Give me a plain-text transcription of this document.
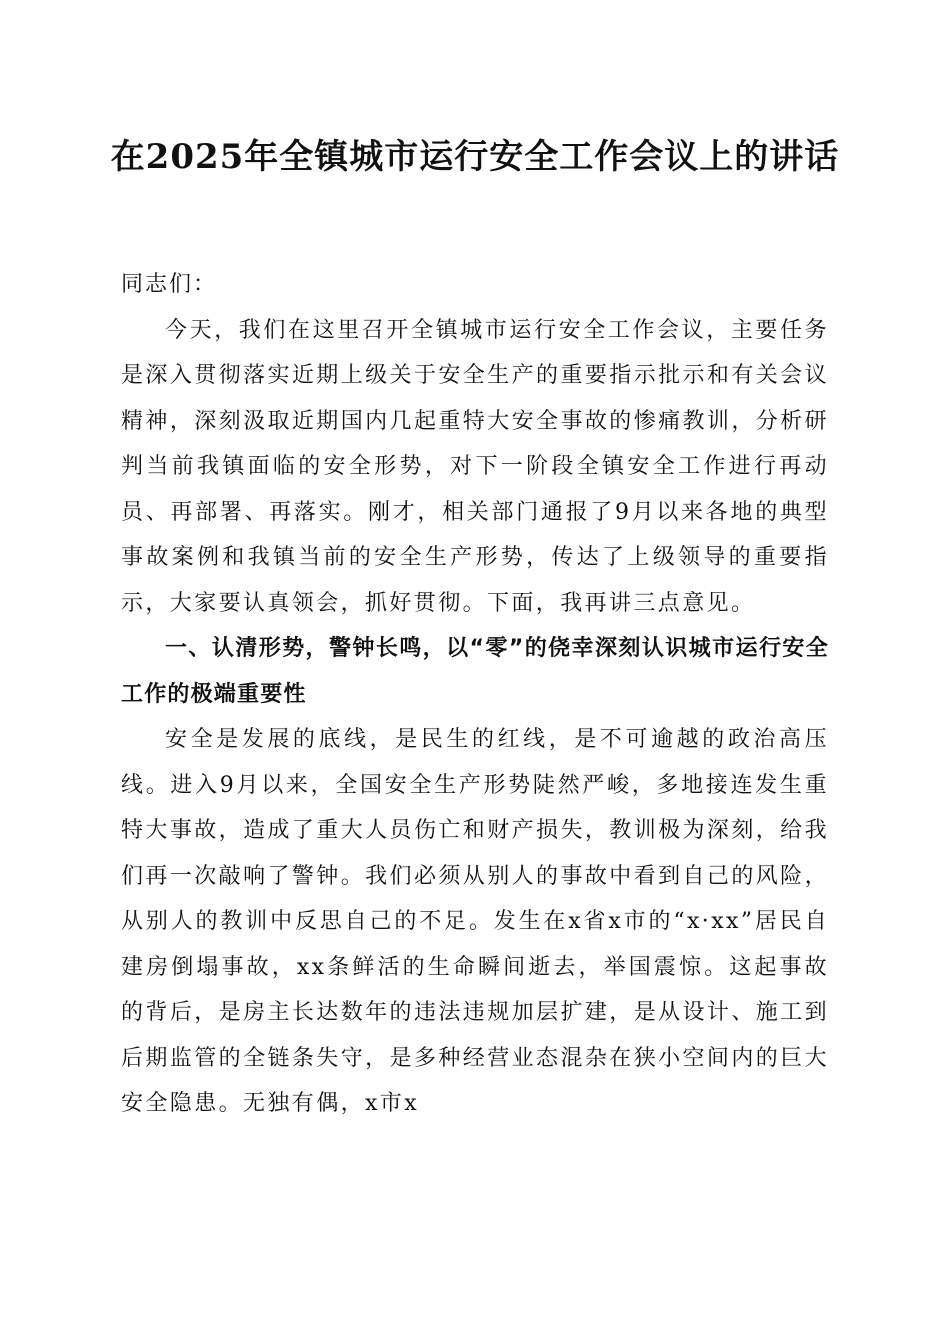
在2025年全镇城市运行安全工作会议上的讲话

同志们：

今天，我们在这里召开全镇城市运行安全工作会议，主要任务是深入贯彻落实近期上级关于安全生产的重要指示批示和有关会议精神，深刻汲取近期国内几起重特大安全事故的惨痛教训，分析研判当前我镇面临的安全形势，对下一阶段全镇安全工作进行再动员、再部署、再落实。刚才，相关部门通报了9月以来各地的典型事故案例和我镇当前的安全生产形势，传达了上级领导的重要指示，大家要认真领会，抓好贯彻。下面，我再讲三点意见。

一、认清形势，警钟长鸣，以“零”的侥幸深刻认识城市运行安全工作的极端重要性

安全是发展的底线，是民生的红线，是不可逾越的政治高压线。进入9月以来，全国安全生产形势陡然严峻，多地接连发生重特大事故，造成了重大人员伤亡和财产损失，教训极为深刻，给我们再一次敲响了警钟。我们必须从别人的事故中看到自己的风险，从别人的教训中反思自己的不足。发生在x省x市的“x·xx”居民自建房倒塌事故，xx条鲜活的生命瞬间逝去，举国震惊。这起事故的背后，是房主长达数年的违法违规加层扩建，是从设计、施工到后期监管的全链条失守，是多种经营业态混杂在狭小空间内的巨大安全隐患。无独有偶，x市x
